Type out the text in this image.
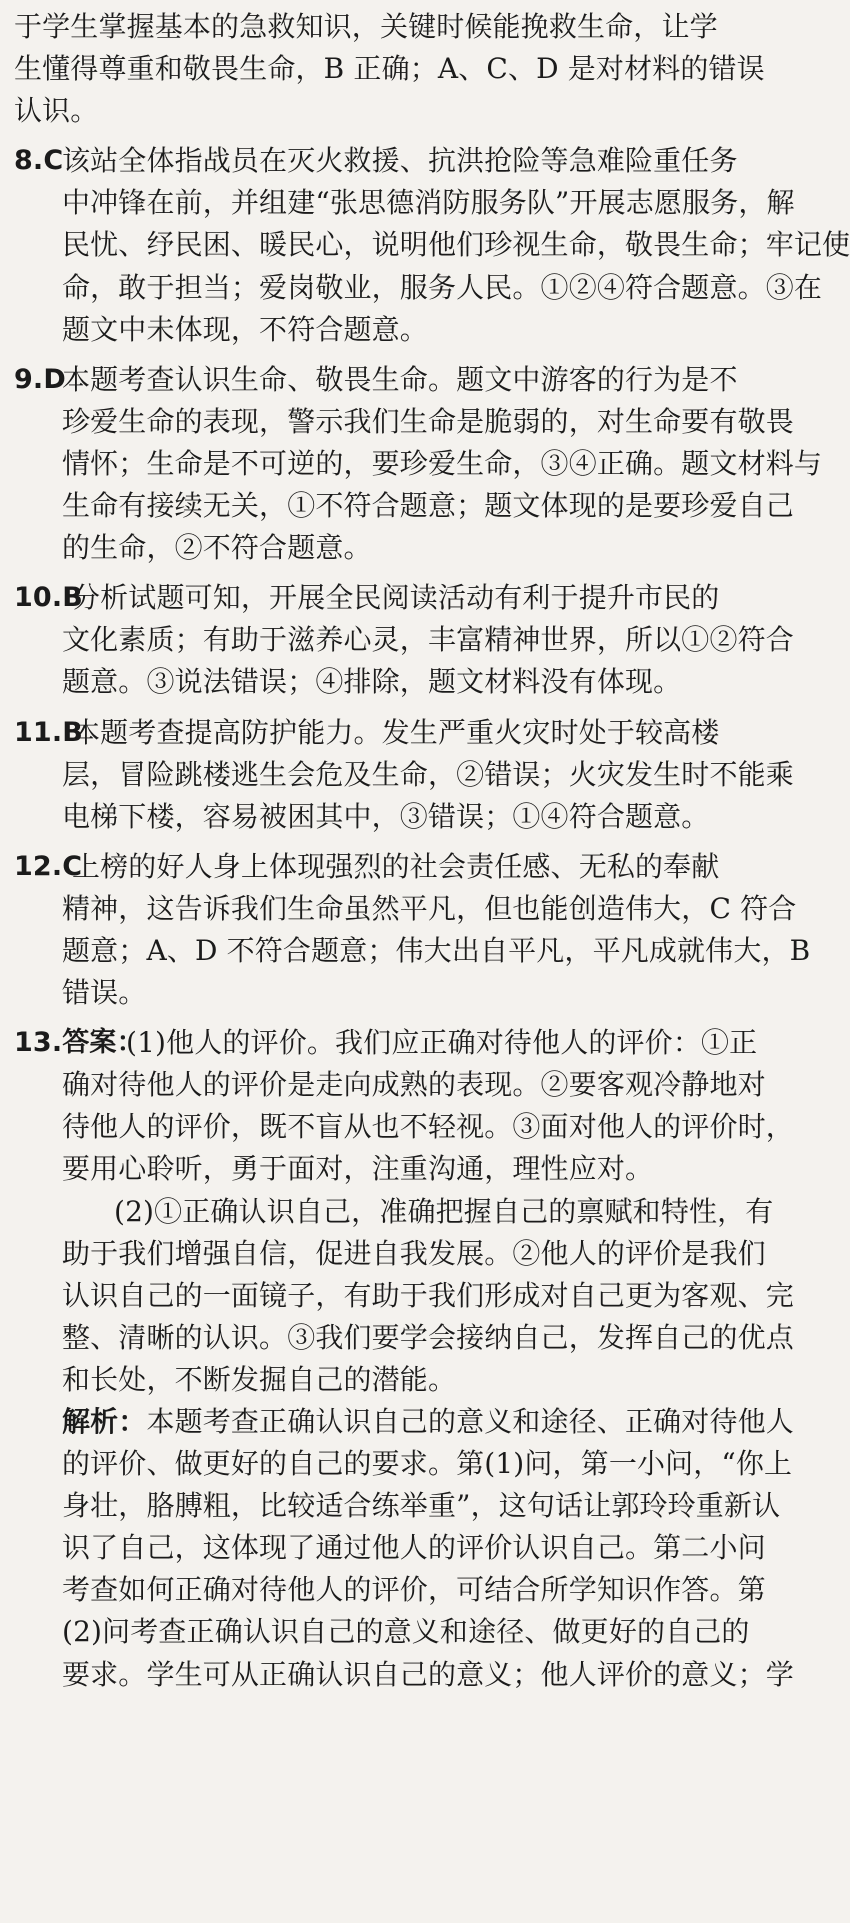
于学生掌握基本的急救知识，关键时候能挽救生命，让学
生懂得尊重和敬畏生命，B 正确；A、C、D 是对材料的错误
认识。
8.C
该站全体指战员在灭火救援、抗洪抢险等急难险重任务
中冲锋在前，并组建“张思德消防服务队”开展志愿服务，解
民忧、纾民困、暖民心，说明他们珍视生命，敬畏生命；牢记使
命，敢于担当；爱岗敬业，服务人民。①②④符合题意。③在
题文中未体现，不符合题意。
9.D
本题考查认识生命、敬畏生命。题文中游客的行为是不
珍爱生命的表现，警示我们生命是脆弱的，对生命要有敬畏
情怀；生命是不可逆的，要珍爱生命，③④正确。题文材料与
生命有接续无关，①不符合题意；题文体现的是要珍爱自己
的生命，②不符合题意。
10.B
分析试题可知，开展全民阅读活动有利于提升市民的
文化素质；有助于滋养心灵，丰富精神世界，所以①②符合
题意。③说法错误；④排除，题文材料没有体现。
11.B
本题考查提高防护能力。发生严重火灾时处于较高楼
层，冒险跳楼逃生会危及生命，②错误；火灾发生时不能乘
电梯下楼，容易被困其中，③错误；①④符合题意。
12.C
上榜的好人身上体现强烈的社会责任感、无私的奉献
精神，这告诉我们生命虽然平凡，但也能创造伟大，C 符合
题意；A、D 不符合题意；伟大出自平凡，平凡成就伟大，B
错误。
13.答案：
(1)他人的评价。我们应正确对待他人的评价：①正
确对待他人的评价是走向成熟的表现。②要客观冷静地对
待他人的评价，既不盲从也不轻视。③面对他人的评价时，
要用心聆听，勇于面对，注重沟通，理性应对。
(2)①正确认识自己，准确把握自己的禀赋和特性，有
助于我们增强自信，促进自我发展。②他人的评价是我们
认识自己的一面镜子，有助于我们形成对自己更为客观、完
整、清晰的认识。③我们要学会接纳自己，发挥自己的优点
和长处，不断发掘自己的潜能。
解析：本题考查正确认识自己的意义和途径、正确对待他人
的评价、做更好的自己的要求。第(1)问，第一小问，“你上
身壮，胳膊粗，比较适合练举重”，这句话让郭玲玲重新认
识了自己，这体现了通过他人的评价认识自己。第二小问
考查如何正确对待他人的评价，可结合所学知识作答。第
(2)问考查正确认识自己的意义和途径、做更好的自己的
要求。学生可从正确认识自己的意义；他人评价的意义；学
